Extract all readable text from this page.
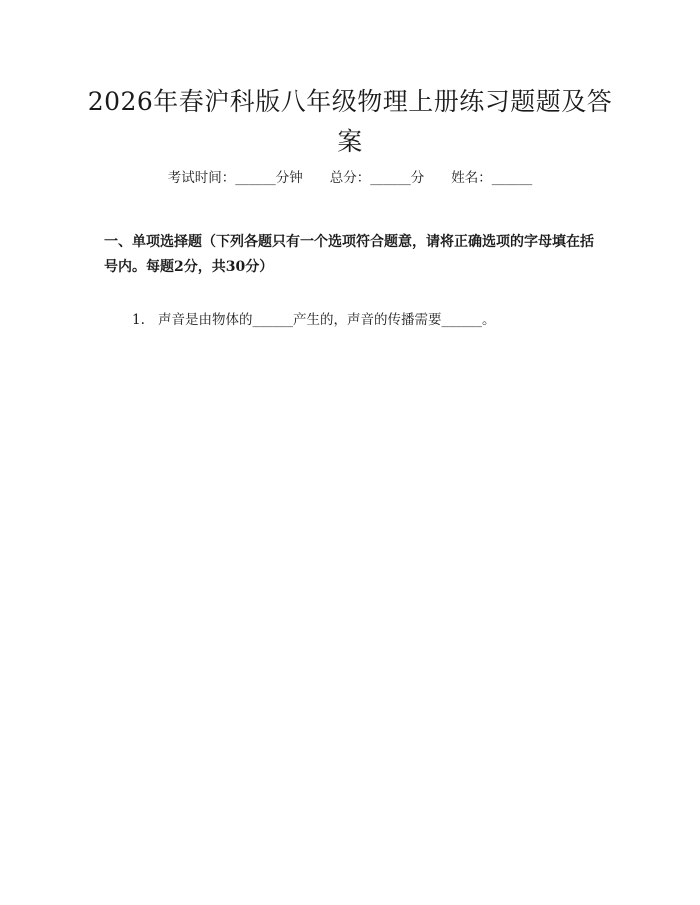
2026年春沪科版八年级物理上册练习题题及答案
考试时间：______分钟　　总分：______分　　姓名：______
一、单项选择题（下列各题只有一个选项符合题意，请将正确选项的字母填在括号内。每题2分，共30分）
1. 声音是由物体的______产生的，声音的传播需要______。
